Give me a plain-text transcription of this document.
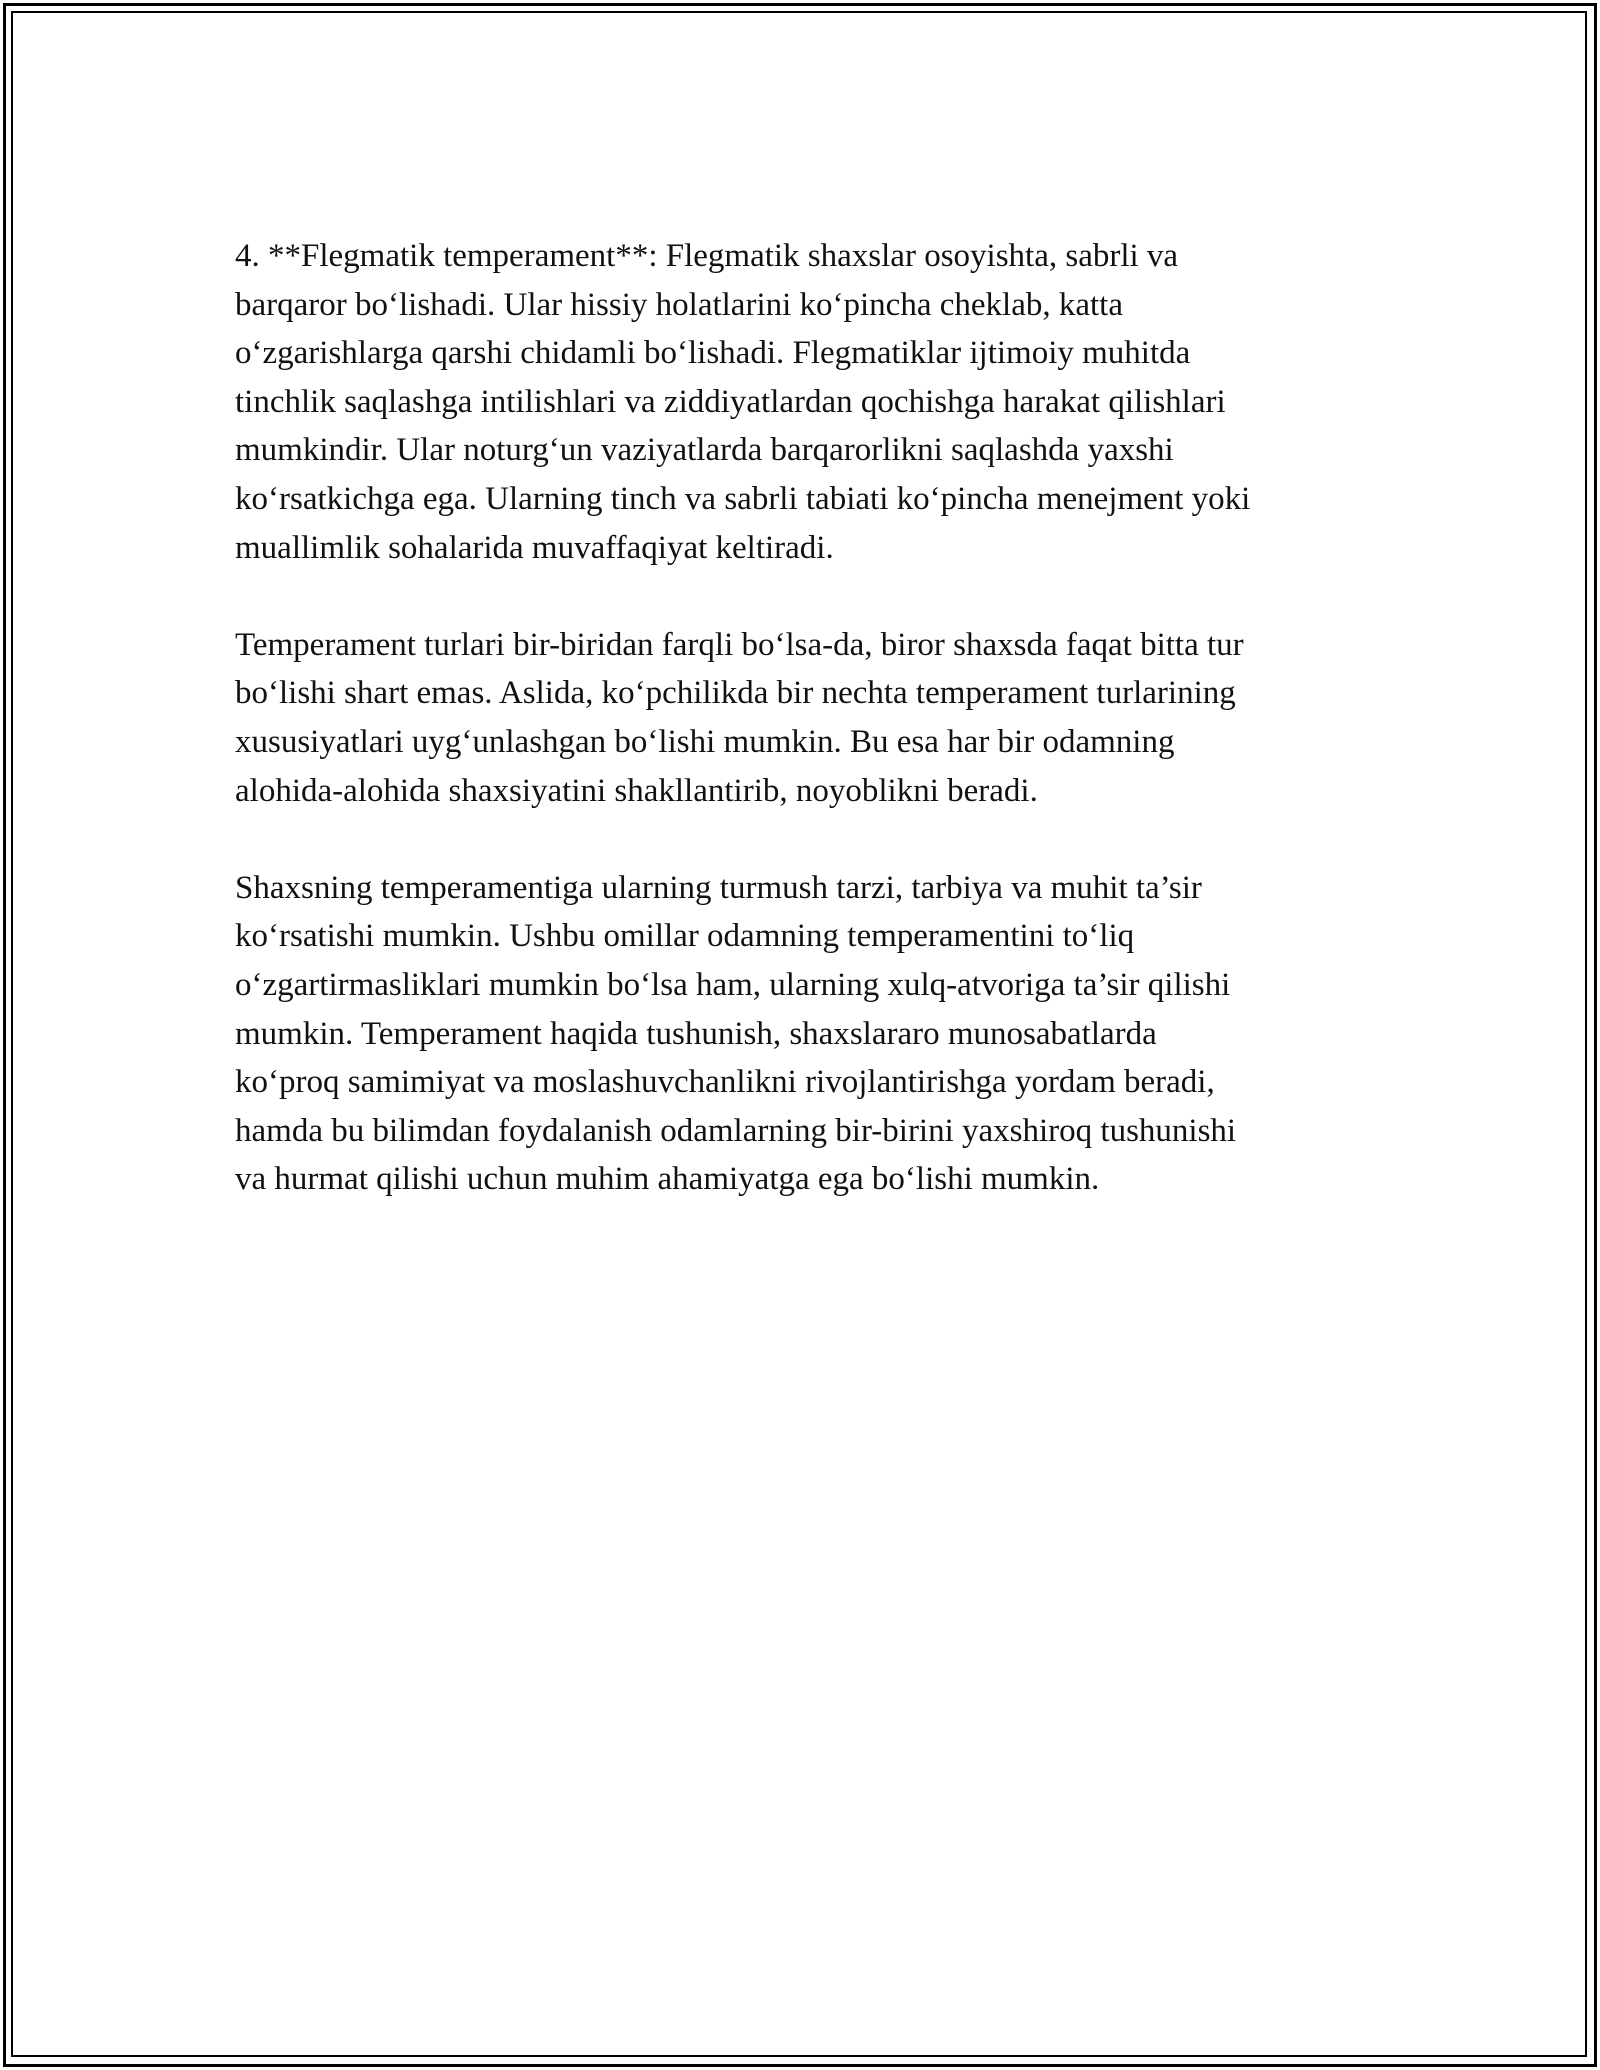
4. **Flegmatik temperament**: Flegmatik shaxslar osoyishta, sabrli va
barqaror bo‘lishadi. Ular hissiy holatlarini ko‘pincha cheklab, katta
o‘zgarishlarga qarshi chidamli bo‘lishadi. Flegmatiklar ijtimoiy muhitda
tinchlik saqlashga intilishlari va ziddiyatlardan qochishga harakat qilishlari
mumkindir. Ular noturg‘un vaziyatlarda barqarorlikni saqlashda yaxshi
ko‘rsatkichga ega. Ularning tinch va sabrli tabiati ko‘pincha menejment yoki
muallimlik sohalarida muvaffaqiyat keltiradi.

Temperament turlari bir-biridan farqli bo‘lsa-da, biror shaxsda faqat bitta tur
bo‘lishi shart emas. Aslida, ko‘pchilikda bir nechta temperament turlarining
xususiyatlari uyg‘unlashgan bo‘lishi mumkin. Bu esa har bir odamning
alohida-alohida shaxsiyatini shakllantirib, noyoblikni beradi.

Shaxsning temperamentiga ularning turmush tarzi, tarbiya va muhit ta’sir
ko‘rsatishi mumkin. Ushbu omillar odamning temperamentini to‘liq
o‘zgartirmasliklari mumkin bo‘lsa ham, ularning xulq-atvoriga ta’sir qilishi
mumkin. Temperament haqida tushunish, shaxslararo munosabatlarda
ko‘proq samimiyat va moslashuvchanlikni rivojlantirishga yordam beradi,
hamda bu bilimdan foydalanish odamlarning bir-birini yaxshiroq tushunishi
va hurmat qilishi uchun muhim ahamiyatga ega bo‘lishi mumkin.
